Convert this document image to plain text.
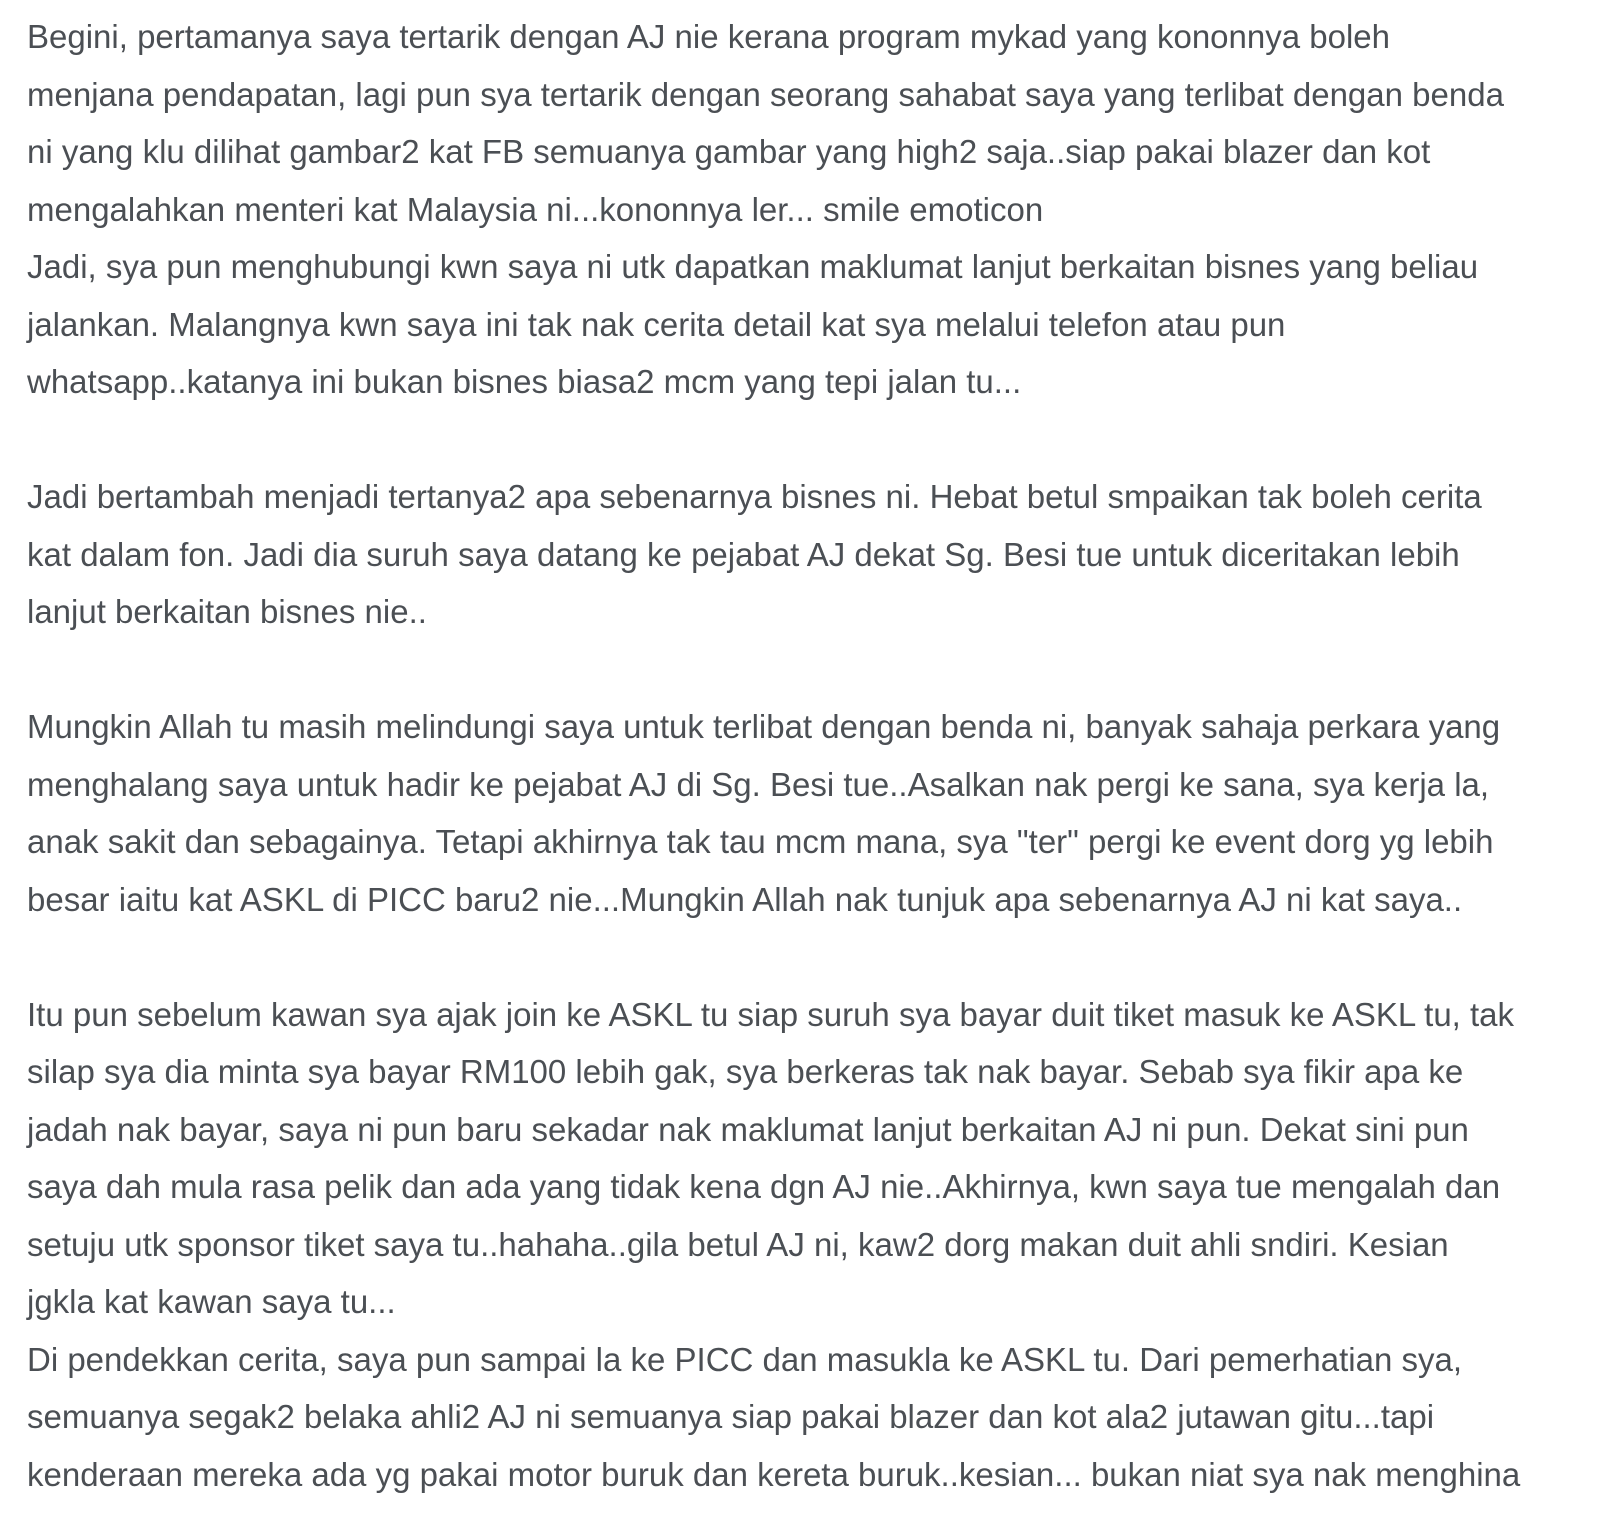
Begini, pertamanya saya tertarik dengan AJ nie kerana program mykad yang kononnya boleh
menjana pendapatan, lagi pun sya tertarik dengan seorang sahabat saya yang terlibat dengan benda
ni yang klu dilihat gambar2 kat FB semuanya gambar yang high2 saja..siap pakai blazer dan kot
mengalahkan menteri kat Malaysia ni...kononnya ler... smile emoticon
Jadi, sya pun menghubungi kwn saya ni utk dapatkan maklumat lanjut berkaitan bisnes yang beliau
jalankan. Malangnya kwn saya ini tak nak cerita detail kat sya melalui telefon atau pun
whatsapp..katanya ini bukan bisnes biasa2 mcm yang tepi jalan tu...

Jadi bertambah menjadi tertanya2 apa sebenarnya bisnes ni. Hebat betul smpaikan tak boleh cerita
kat dalam fon. Jadi dia suruh saya datang ke pejabat AJ dekat Sg. Besi tue untuk diceritakan lebih
lanjut berkaitan bisnes nie..

Mungkin Allah tu masih melindungi saya untuk terlibat dengan benda ni, banyak sahaja perkara yang
menghalang saya untuk hadir ke pejabat AJ di Sg. Besi tue..Asalkan nak pergi ke sana, sya kerja la,
anak sakit dan sebagainya. Tetapi akhirnya tak tau mcm mana, sya "ter" pergi ke event dorg yg lebih
besar iaitu kat ASKL di PICC baru2 nie...Mungkin Allah nak tunjuk apa sebenarnya AJ ni kat saya..

Itu pun sebelum kawan sya ajak join ke ASKL tu siap suruh sya bayar duit tiket masuk ke ASKL tu, tak
silap sya dia minta sya bayar RM100 lebih gak, sya berkeras tak nak bayar. Sebab sya fikir apa ke
jadah nak bayar, saya ni pun baru sekadar nak maklumat lanjut berkaitan AJ ni pun. Dekat sini pun
saya dah mula rasa pelik dan ada yang tidak kena dgn AJ nie..Akhirnya, kwn saya tue mengalah dan
setuju utk sponsor tiket saya tu..hahaha..gila betul AJ ni, kaw2 dorg makan duit ahli sndiri. Kesian
jgkla kat kawan saya tu...
Di pendekkan cerita, saya pun sampai la ke PICC dan masukla ke ASKL tu. Dari pemerhatian sya,
semuanya segak2 belaka ahli2 AJ ni semuanya siap pakai blazer dan kot ala2 jutawan gitu...tapi
kenderaan mereka ada yg pakai motor buruk dan kereta buruk..kesian... bukan niat sya nak menghina
